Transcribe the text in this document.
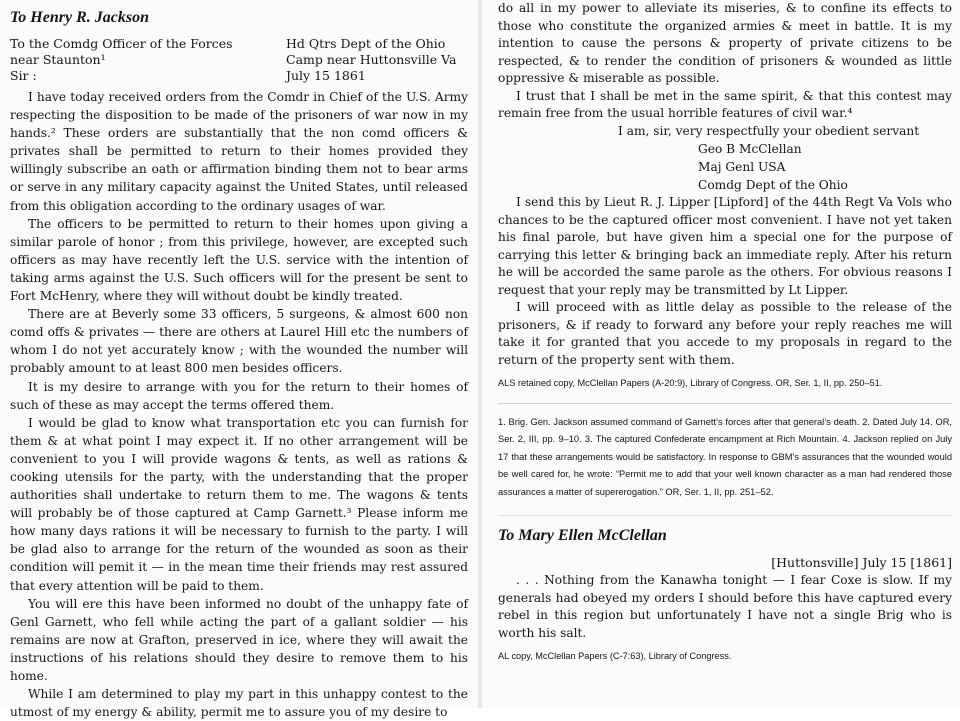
To Henry R. Jackson
To the Comdg Officer of the Forces
near Staunton¹
Sir :
Hd Qtrs Dept of the Ohio
Camp near Huttonsville Va
July 15 1861

I have today received orders from the Comdr in Chief of the U.S. Army respecting the disposition to be made of the prisoners of war now in my hands.² These orders are substantially that the non comd officers & privates shall be permitted to return to their homes provided they willingly subscribe an oath or affirmation binding them not to bear arms or serve in any military capacity against the United States, until released from this obligation according to the ordinary usages of war.

The officers to be permitted to return to their homes upon giving a similar parole of honor ; from this privilege, however, are excepted such officers as may have recently left the U.S. service with the intention of taking arms against the U.S. Such officers will for the present be sent to Fort McHenry, where they will without doubt be kindly treated.

There are at Beverly some 33 officers, 5 surgeons, & almost 600 non comd offs & privates — there are others at Laurel Hill etc the numbers of whom I do not yet accurately know ; with the wounded the number will probably amount to at least 800 men besides officers.

It is my desire to arrange with you for the return to their homes of such of these as may accept the terms offered them.

I would be glad to know what transportation etc you can furnish for them & at what point I may expect it. If no other arrangement will be convenient to you I will provide wagons & tents, as well as rations & cooking utensils for the party, with the understanding that the proper authorities shall undertake to return them to me. The wagons & tents will probably be of those captured at Camp Garnett.³ Please inform me how many days rations it will be necessary to furnish to the party. I will be glad also to arrange for the return of the wounded as soon as their condition will pemit it — in the mean time their friends may rest assured that every attention will be paid to them.

You will ere this have been informed no doubt of the unhappy fate of Genl Garnett, who fell while acting the part of a gallant soldier — his remains are now at Grafton, preserved in ice, where they will await the instructions of his relations should they desire to remove them to his home.

While I am determined to play my part in this unhappy contest to the utmost of my energy & ability, permit me to assure you of my desire to

do all in my power to alleviate its miseries, & to confine its effects to those who constitute the organized armies & meet in battle. It is my intention to cause the persons & property of private citizens to be respected, & to render the condition of prisoners & wounded as little oppressive & miserable as possible.

I trust that I shall be met in the same spirit, & that this contest may remain free from the usual horrible features of civil war.⁴

I am, sir, very respectfully your obedient servant

Geo B McClellan
Maj Genl USA
Comdg Dept of the Ohio

I send this by Lieut R. J. Lipper [Lipford] of the 44th Regt Va Vols who chances to be the captured officer most convenient. I have not yet taken his final parole, but have given him a special one for the purpose of carrying this letter & bringing back an immediate reply. After his return he will be accorded the same parole as the others. For obvious reasons I request that your reply may be transmitted by Lt Lipper.

I will proceed with as little delay as possible to the release of the prisoners, & if ready to forward any before your reply reaches me will take it for granted that you accede to my proposals in regard to the return of the property sent with them.

ALS retained copy, McClellan Papers (A-20:9), Library of Congress. OR, Ser. 1, II, pp. 250–51.

1. Brig. Gen. Jackson assumed command of Garnett’s forces after that general’s death. 2. Dated July 14. OR, Ser. 2, III, pp. 9–10. 3. The captured Confederate encampment at Rich Mountain. 4. Jackson replied on July 17 that these arrangements would be satisfactory. In response to GBM’s assurances that the wounded would be well cared for, he wrote: “Permit me to add that your well known character as a man had rendered those assurances a matter of supererogation.” OR, Ser. 1, II, pp. 251–52.

To Mary Ellen McClellan
[Huttonsville] July 15 [1861]

. . . Nothing from the Kanawha tonight — I fear Coxe is slow. If my generals had obeyed my orders I should before this have captured every rebel in this region but unfortunately I have not a single Brig who is worth his salt.

AL copy, McClellan Papers (C-7:63), Library of Congress.
